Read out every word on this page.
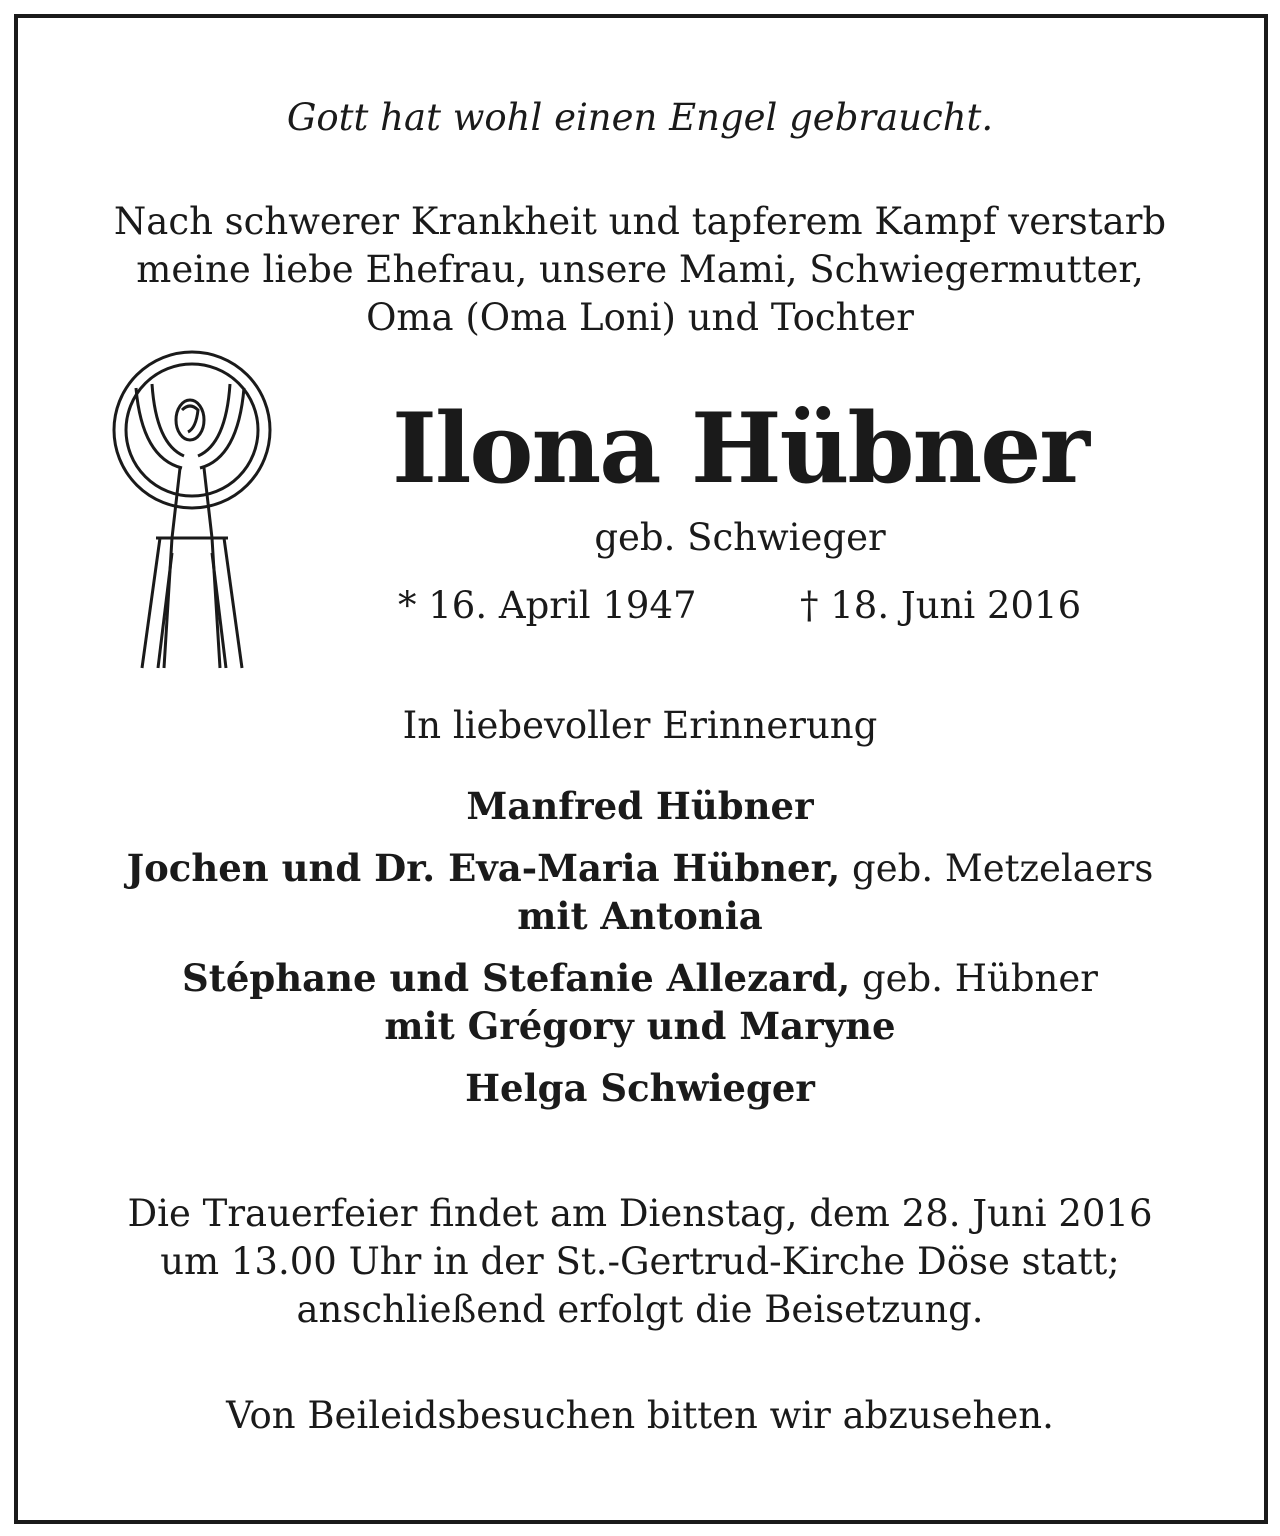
Gott hat wohl einen Engel gebraucht.
Nach schwerer Krankheit und tapferem Kampf verstarb
meine liebe Ehefrau, unsere Mami, Schwiegermutter,
Oma (Oma Loni) und Tochter
Ilona Hübner
geb. Schwieger
* 16. April 1947	† 18. Juni 2016
In liebevoller Erinnerung
Manfred Hübner
Jochen und Dr. Eva-Maria Hübner, geb. Metzelaers
mit Antonia
Stéphane und Stefanie Allezard, geb. Hübner
mit Grégory und Maryne
Helga Schwieger
Die Trauerfeier findet am Dienstag, dem 28. Juni 2016
um 13.00 Uhr in der St.-Gertrud-Kirche Döse statt;
anschließend erfolgt die Beisetzung.
Von Beileidsbesuchen bitten wir abzusehen.
